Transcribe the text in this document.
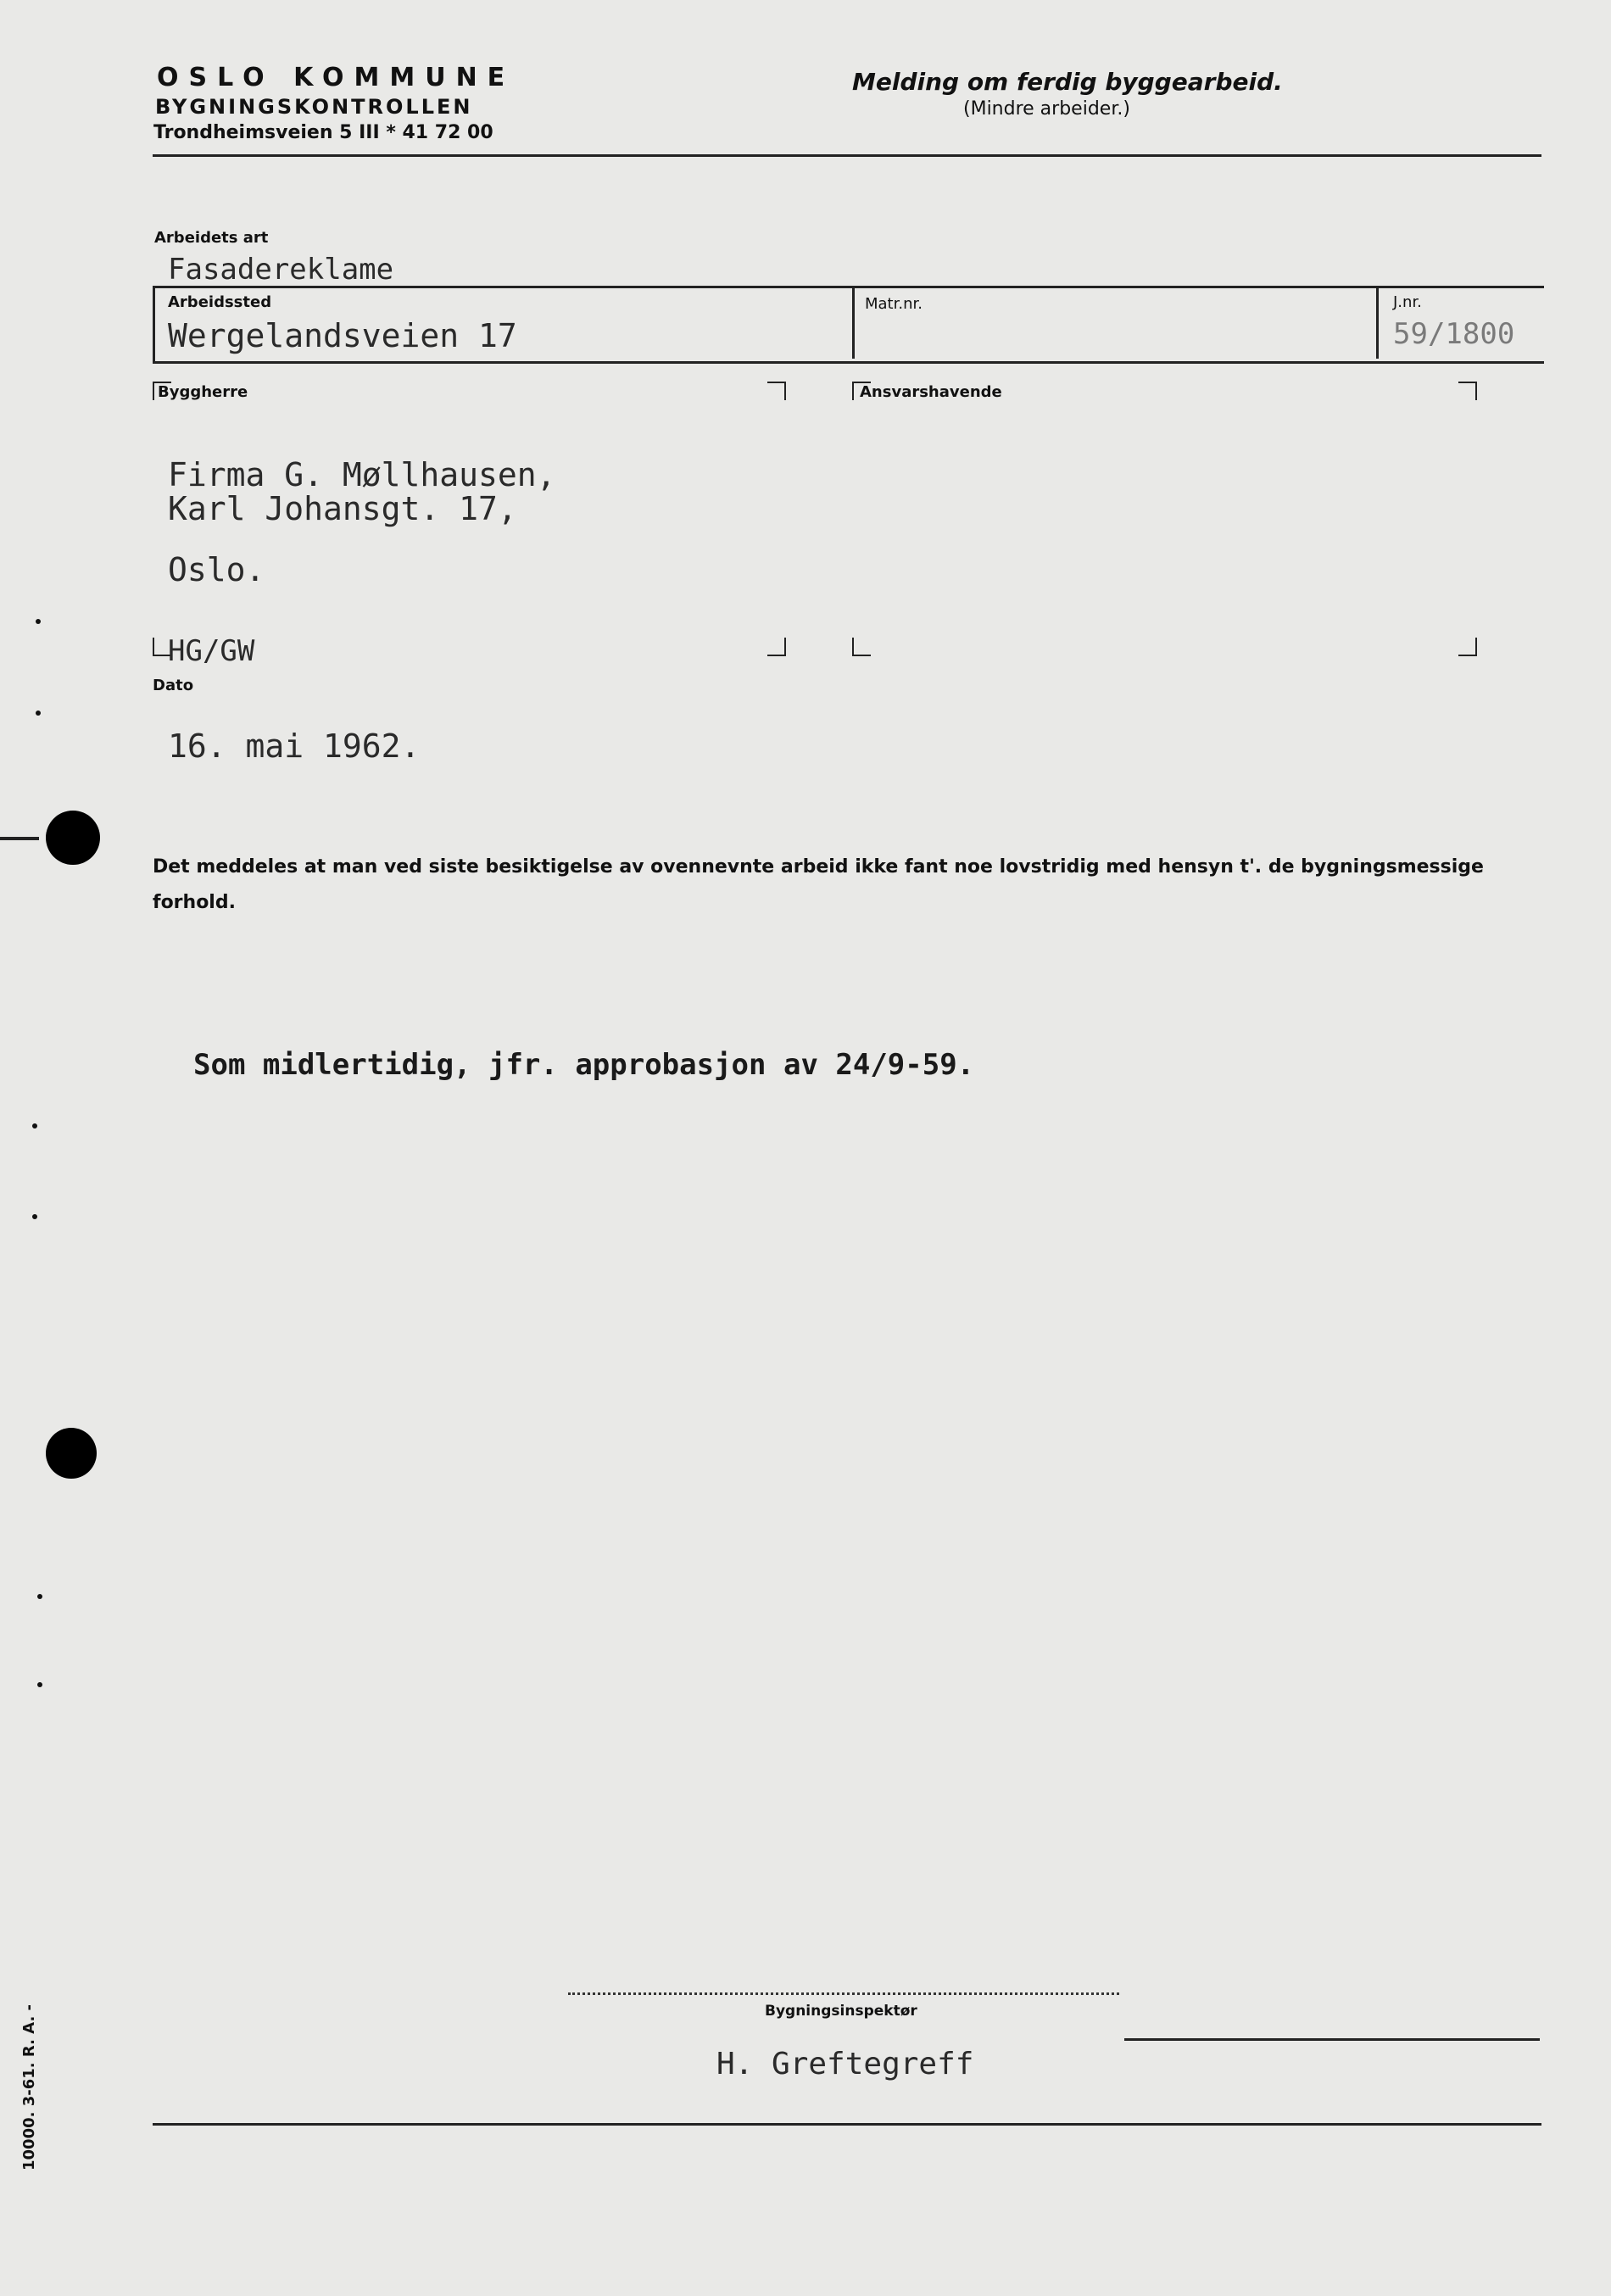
OSLO KOMMUNE
BYGNINGSKONTROLLEN
Trondheimsveien 5 III * 41 72 00
Melding om ferdig byggearbeid.
(Mindre arbeider.)
Arbeidets art
Fasadereklame
Arbeidssted
Wergelandsveien 17
Matr.nr.	J.nr.
59/1800
Byggherre	Ansvarshavende
Firma G. Møllhausen,
Karl Johansgt. 17,
Oslo.
HG/GW
Dato
16. mai 1962.
Det meddeles at man ved siste besiktigelse av ovennevnte arbeid ikke fant noe lovstridig med hensyn t'. de bygningsmessige forhold.
Som midlertidig, jfr. approbasjon av 24/9-59.
Bygningsinspektør
H. Greftegreff
10000. 3-61. R. A. -
